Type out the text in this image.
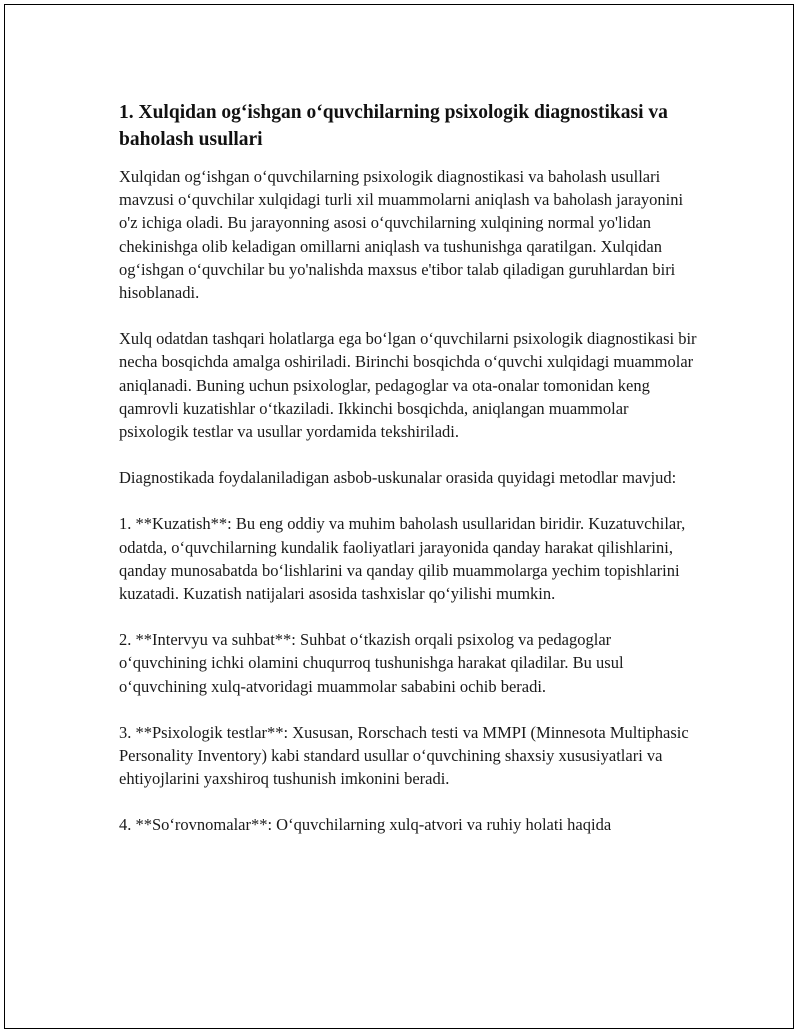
1. Xulqidan og‘ishgan o‘quvchilarning psixologik diagnostikasi va baholash usullari

Xulqidan og‘ishgan o‘quvchilarning psixologik diagnostikasi va baholash usullari mavzusi o‘quvchilar xulqidagi turli xil muammolarni aniqlash va baholash jarayonini o'z ichiga oladi. Bu jarayonning asosi o‘quvchilarning xulqining normal yo'lidan chekinishga olib keladigan omillarni aniqlash va tushunishga qaratilgan. Xulqidan og‘ishgan o‘quvchilar bu yo'nalishda maxsus e'tibor talab qiladigan guruhlardan biri hisoblanadi.

Xulq odatdan tashqari holatlarga ega bo‘lgan o‘quvchilarni psixologik diagnostikasi bir necha bosqichda amalga oshiriladi. Birinchi bosqichda o‘quvchi xulqidagi muammolar aniqlanadi. Buning uchun psixologlar, pedagoglar va ota-onalar tomonidan keng qamrovli kuzatishlar o‘tkaziladi. Ikkinchi bosqichda, aniqlangan muammolar psixologik testlar va usullar yordamida tekshiriladi.

Diagnostikada foydalaniladigan asbob-uskunalar orasida quyidagi metodlar mavjud:

1. **Kuzatish**: Bu eng oddiy va muhim baholash usullaridan biridir. Kuzatuvchilar, odatda, o‘quvchilarning kundalik faoliyatlari jarayonida qanday harakat qilishlarini, qanday munosabatda bo‘lishlarini va qanday qilib muammolarga yechim topishlarini kuzatadi. Kuzatish natijalari asosida tashxislar qo‘yilishi mumkin.

2. **Intervyu va suhbat**: Suhbat o‘tkazish orqali psixolog va pedagoglar o‘quvchining ichki olamini chuqurroq tushunishga harakat qiladilar. Bu usul o‘quvchining xulq-atvoridagi muammolar sababini ochib beradi.

3. **Psixologik testlar**: Xususan, Rorschach testi va MMPI (Minnesota Multiphasic Personality Inventory) kabi standard usullar o‘quvchining shaxsiy xususiyatlari va ehtiyojlarini yaxshiroq tushunish imkonini beradi.

4. **So‘rovnomalar**: O‘quvchilarning xulq-atvori va ruhiy holati haqida
